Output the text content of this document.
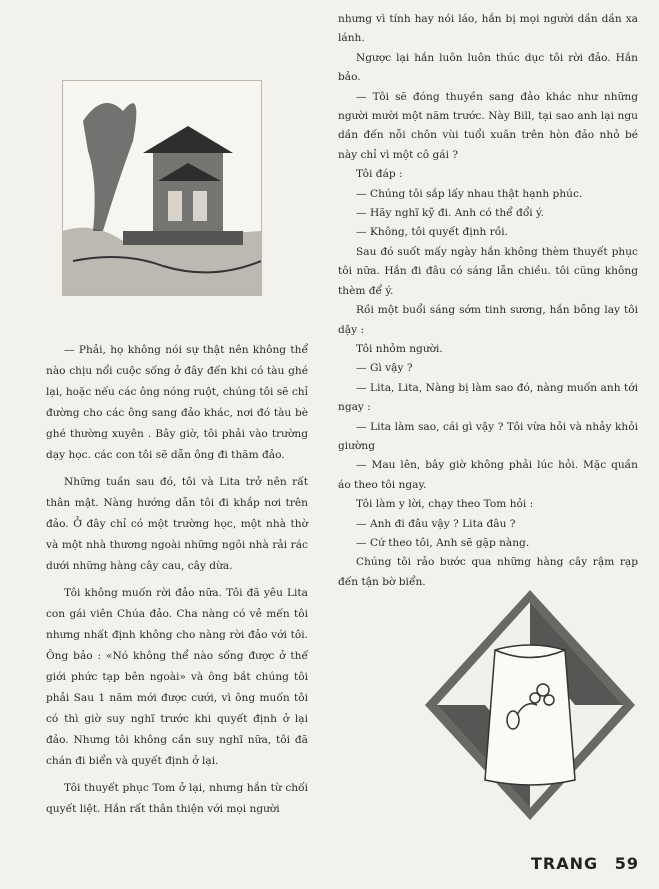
— Phải, họ không nói sự thật nên không thể nào chịu nổi cuộc sống ở đây đến khi có tàu ghé lại, hoặc nếu các ông nóng ruột, chúng tôi sẽ chỉ đường cho các ông sang đảo khác, nơi đó tàu bè ghé thường xuyên . Bây giờ, tôi phải vào trường dạy học. các con tôi sẽ dẫn ông đi thăm đảo.

Những tuần sau đó, tôi và Lita trở nên rất thân mật. Nàng hướng dẫn tôi đi khắp nơi trên đảo. Ở đây chỉ có một trường học, một nhà thờ và một nhà thương ngoài những ngôi nhà rải rác dưới những hàng cây cau, cây dừa.

Tôi không muốn rời đảo nữa. Tôi đã yêu Lita con gái viên Chúa đảo. Cha nàng có vẻ mến tôi nhưng nhất định không cho nàng rời đảo với tôi. Ông bảo : «Nó không thể nào sống được ở thế giới phức tạp bên ngoài» và ông bắt chúng tôi phải Sau 1 năm mới được cưới, vì ông muốn tôi có thì giờ suy nghĩ trước khi quyết định ở lại đảo. Nhưng tôi không cần suy nghĩ nữa, tôi đã chán đi biển và quyết định ở lại.

Tôi thuyết phục Tom ở lại, nhưng hắn từ chối quyết liệt. Hắn rất thân thiện với mọi người

nhưng vì tính hay nói láo, hắn bị mọi người dần dần xa lánh.

Ngược lại hắn luôn luôn thúc dục tôi rời đảo. Hắn bảo.

— Tôi sẽ đóng thuyền sang đảo khác như những người mười một năm trước. Này Bill, tại sao anh lại ngu dần đến nỗi chôn vùi tuổi xuân trên hòn đảo nhỏ bé này chỉ vì một cô gái ?

Tôi đáp :

— Chúng tôi sắp lấy nhau thật hạnh phúc.

— Hãy nghĩ kỹ đi. Anh có thể đổi ý.

— Không, tôi quyết định rồi.

Sau đó suốt mấy ngày hắn không thèm thuyết phục tôi nữa. Hắn đi đâu có sáng lẫn chiều. tôi cũng không thèm để ý.

Rồi một buổi sáng sớm tinh sương, hắn bỗng lay tôi dậy :

Tôi nhỏm người.

— Gì vậy ?

— Lita, Lita, Nàng bị làm sao đó, nàng muốn anh tới ngay :

— Lita làm sao, cái gì vậy ? Tôi vừa hỏi và nhảy khỏi giường

— Mau lên, bây giờ không phải lúc hỏi. Mặc quần áo theo tôi ngay.

Tôi làm y lời, chạy theo Tom hỏi :

— Anh đi đâu vậy ? Lita đâu ?

— Cứ theo tôi, Anh sẽ gặp nàng.

Chúng tôi rảo bước qua những hàng cây rậm rạp đến tận bờ biển.

TRANG 59
